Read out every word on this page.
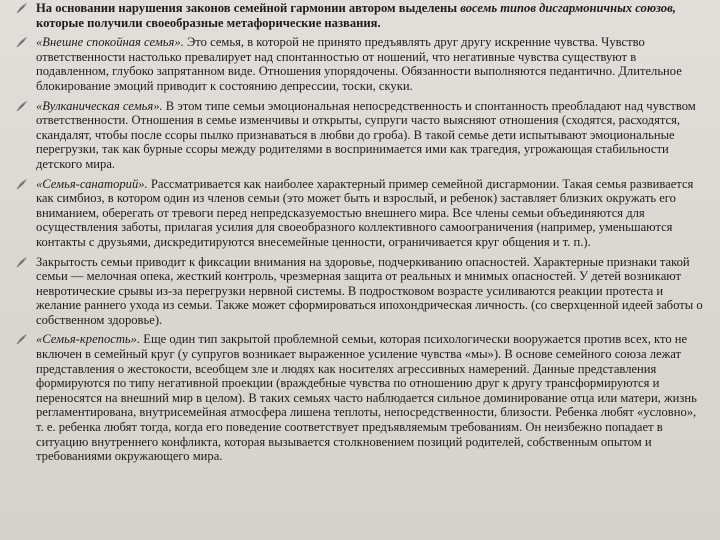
На основании нарушения законов семейной гармонии автором выделены восемь типов дисгармоничных союзов, которые получили своеобразные метафорические названия.
«Внешне спокойная семья». Это семья, в которой не принято предъявлять друг другу искренние чувства. Чувство ответственности настолько превалирует над спонтанностью от ношений, что негативные чувства существуют в подавленном, глубоко запрятанном виде. Отношения упорядочены. Обязанности выполняются педантично. Длительное блокирование эмоций приводит к состоянию депрессии, тоски, скуки.
«Вулканическая семья». В этом типе семьи эмоциональная непосредственность и спонтанность преобладают над чувством ответственности. Отношения в семье изменчивы и открыты, супруги часто выясняют отношения (сходятся, расходятся, скандалят, чтобы после ссоры пылко признаваться в любви до гроба). В такой семье дети испытывают эмоциональные перегрузки, так как бурные ссоры между родителями в воспринимается ими как трагедия, угрожающая стабильности детского мира.
«Семья-санаторий». Рассматривается как наиболее характерный пример семейной дисгармонии. Такая семья развивается как симбиоз, в котором один из членов семьи (это может быть и взрослый, и ребенок) заставляет близких окружать его вниманием, оберегать от тревоги перед непредсказуемостью внешнего мира. Все члены семьи объединяются для осуществления заботы, прилагая усилия для своеобразного коллективного самоограничения (например, уменьшаются контакты с друзьями, дискредитируются внесемейные ценности, ограничивается круг общения и т. п.).
Закрытость семьи приводит к фиксации внимания на здоровье, подчеркиванию опасностей. Характерные признаки такой семьи — мелочная опека, жесткий контроль, чрезмерная защита от реальных и мнимых опасностей. У детей возникают невротические срывы из-за перегрузки нервной системы. В подростковом возрасте усиливаются реакции протеста и желание раннего ухода из семьи. Также может сформироваться ипохондрическая личность. (со сверхценной идеей заботы о собственном здоровье).
«Семья-крепость». Еще один тип закрытой проблемной семьи, которая психологически вооружается против всех, кто не включен в семейный круг (у супругов возникает выраженное усиление чувства «мы»). В основе семейного союза лежат представления о жестокости, всеобщем зле и людях как носителях агрессивных намерений. Данные представления формируются по типу негативной проекции (враждебные чувства по отношению друг к другу трансформируются и переносятся на внешний мир в целом). В таких семьях часто наблюдается сильное доминирование отца или матери, жизнь регламентирована, внутрисемейная атмосфера лишена теплоты, непосредственности, близости. Ребенка любят «условно», т. е. ребенка любят тогда, когда его поведение соответствует предъявляемым требованиям. Он неизбежно попадает в ситуацию внутреннего конфликта, которая вызывается столкновением позиций родителей, собственным опытом и требованиями окружающего мира.
